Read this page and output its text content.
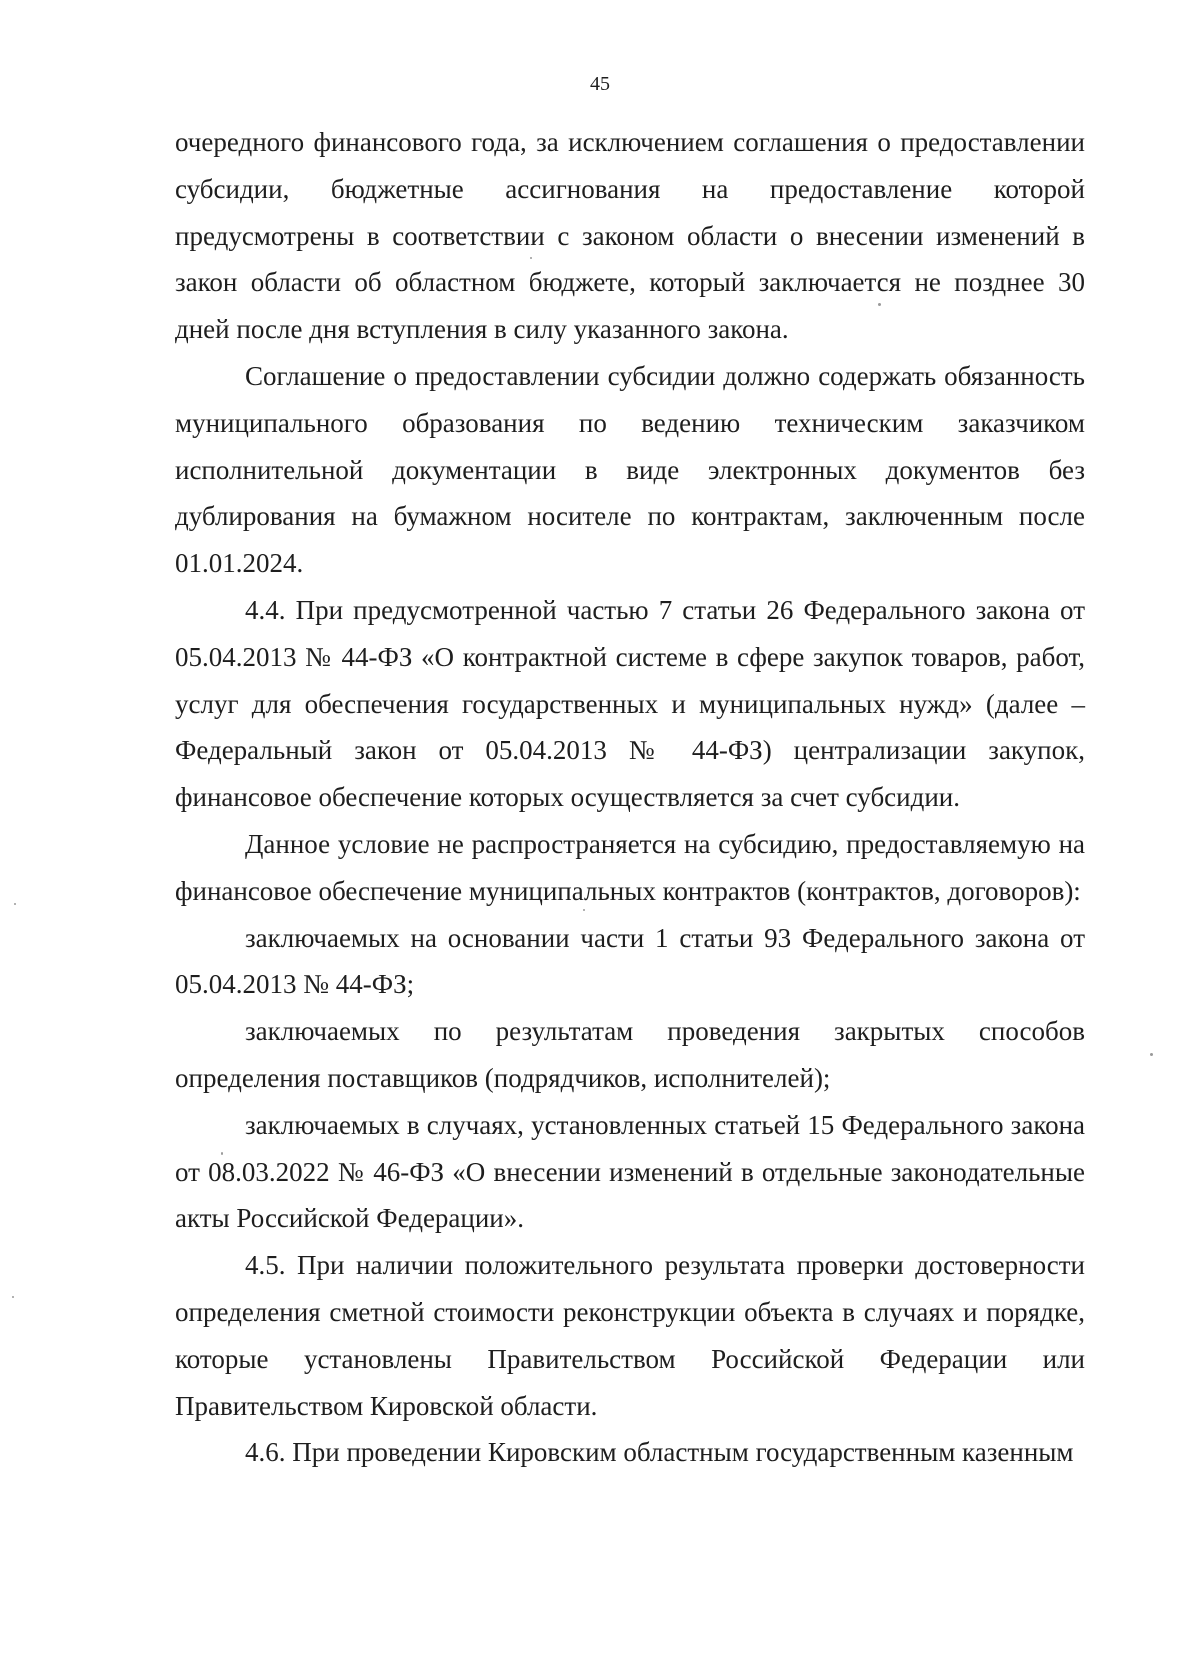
45

очередного финансового года, за исключением соглашения о предоставлении субсидии, бюджетные ассигнования на предоставление которой предусмотрены в соответствии с законом области о внесении изменений в закон области об областном бюджете, который заключается не позднее 30 дней после дня вступления в силу указанного закона.

Соглашение о предоставлении субсидии должно содержать обязанность муниципального образования по ведению техническим заказчиком исполнительной документации в виде электронных документов без дублирования на бумажном носителе по контрактам, заключенным после 01.01.2024.

4.4. При предусмотренной частью 7 статьи 26 Федерального закона от 05.04.2013 № 44-ФЗ «О контрактной системе в сфере закупок товаров, работ, услуг для обеспечения государственных и муниципальных нужд» (далее – Федеральный закон от 05.04.2013 № 44-ФЗ) централизации закупок, финансовое обеспечение которых осуществляется за счет субсидии.

Данное условие не распространяется на субсидию, предоставляемую на финансовое обеспечение муниципальных контрактов (контрактов, договоров):

заключаемых на основании части 1 статьи 93 Федерального закона от 05.04.2013 № 44-ФЗ;

заключаемых по результатам проведения закрытых способов определения поставщиков (подрядчиков, исполнителей);

заключаемых в случаях, установленных статьей 15 Федерального закона от 08.03.2022 № 46-ФЗ «О внесении изменений в отдельные законодательные акты Российской Федерации».

4.5. При наличии положительного результата проверки достоверности определения сметной стоимости реконструкции объекта в случаях и порядке, которые установлены Правительством Российской Федерации или Правительством Кировской области.

4.6. При проведении Кировским областным государственным казенным
